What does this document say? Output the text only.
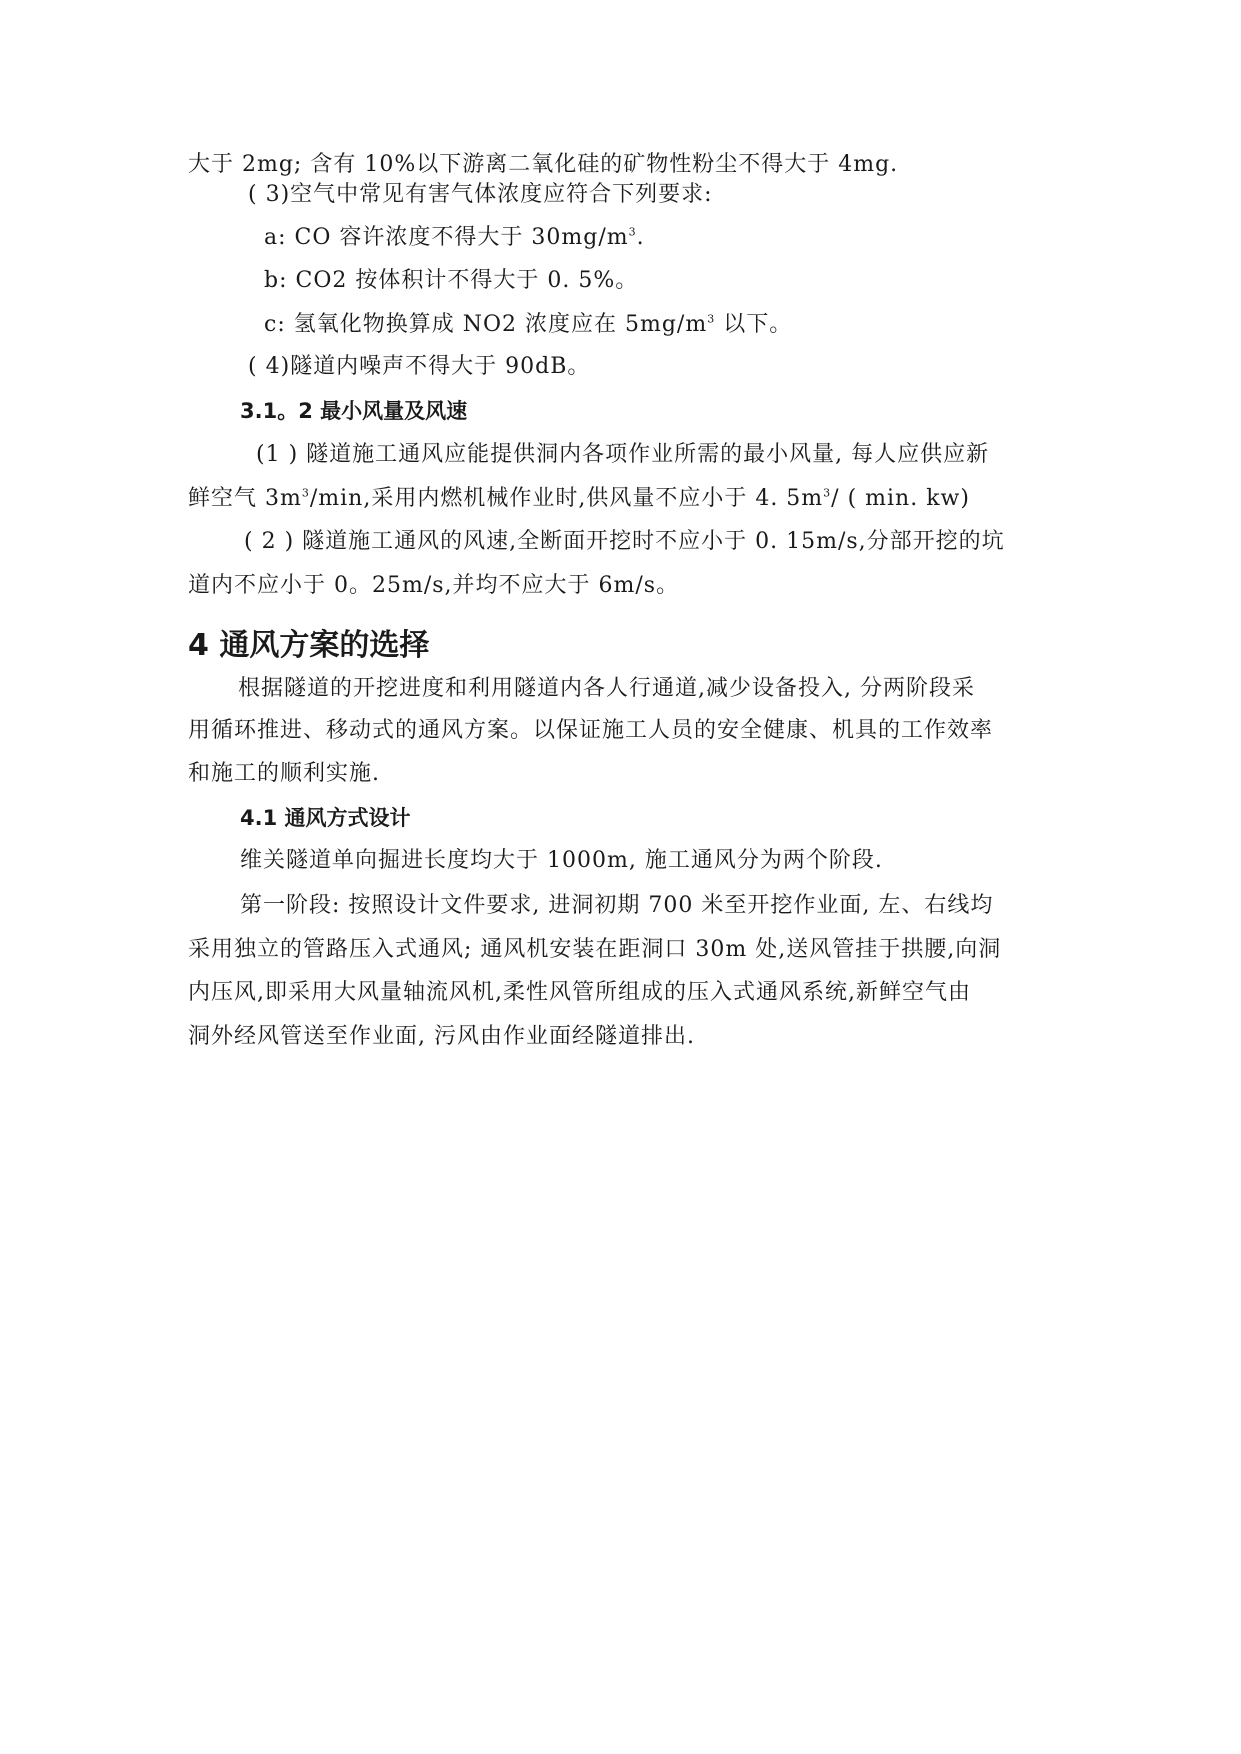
大于 2mg; 含有 10%以下游离二氧化硅的矿物性粉尘不得大于 4mg.
( 3)空气中常见有害气体浓度应符合下列要求:
a: CO 容许浓度不得大于 $30mg/m^3$.
b: CO2 按体积计不得大于 0. 5%。
c: 氢氧化物换算成 NO2 浓度应在 $5mg/m^3$ 以下。
( 4)隧道内噪声不得大于 90dB。
3.1。2 最小风量及风速
(1 ) 隧道施工通风应能提供洞内各项作业所需的最小风量, 每人应供应新
鲜空气 $3m^3/\min$,采用内燃机械作业时,供风量不应小于 4. $5m^3/$ ( min. kw)
( 2 ) 隧道施工通风的风速,全断面开挖时不应小于 0. 15m/s,分部开挖的坑
道内不应小于 0。25m/s,并均不应大于 6m/s。
4 通风方案的选择
根据隧道的开挖进度和利用隧道内各人行通道,减少设备投入, 分两阶段采
用循环推进、移动式的通风方案。以保证施工人员的安全健康、机具的工作效率
和施工的顺利实施.
4.1 通风方式设计
维关隧道单向掘进长度均大于 1000m, 施工通风分为两个阶段.
第一阶段: 按照设计文件要求, 进洞初期 700 米至开挖作业面, 左、右线均
采用独立的管路压入式通风; 通风机安装在距洞口 30m 处,送风管挂于拱腰,向洞
内压风,即采用大风量轴流风机,柔性风管所组成的压入式通风系统,新鲜空气由
洞外经风管送至作业面, 污风由作业面经隧道排出.
